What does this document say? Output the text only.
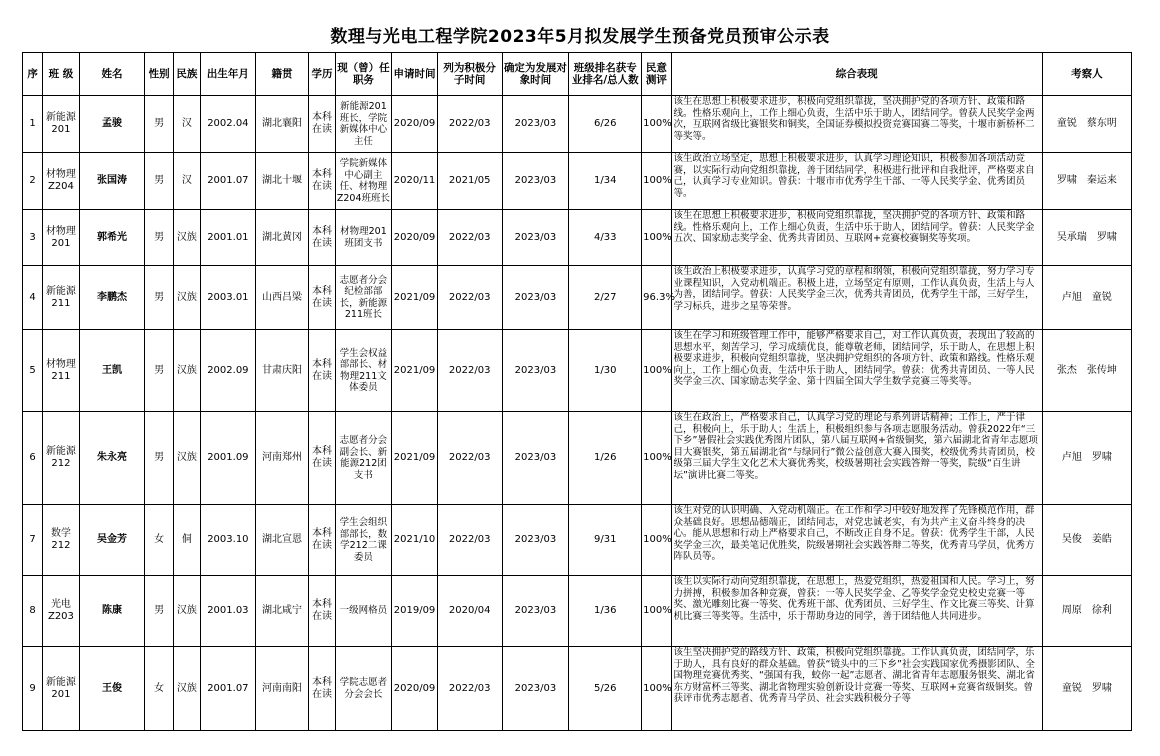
数理与光电工程学院2023年5月拟发展学生预备党员预审公示表
序	班 级	姓名	性别	民族	出生年月	籍贯	学历	现（曾）任职务	申请时间	列为积极分子时间	确定为发展对象时间	班级排名获专业排名/总人数	民意测评	综合表现	考察人
1	新能源201	孟骏	男	汉	2002.04	湖北襄阳	本科在读	新能源201班长，学院新媒体中心主任	2020/09	2022/03	2023/03	6/26	100%	该生在思想上积极要求进步，积极向党组织靠拢，坚决拥护党的各项方针、政策和路线。性格乐观向上，工作上细心负责，生活中乐于助人，团结同学。曾获人民奖学金两次，互联网省级比赛银奖和铜奖，全国证券模拟投资竞赛国赛二等奖，十堰市新桥杯二等奖等。	童锐　蔡东明
2	材物理Z204	张国涛	男	汉	2001.07	湖北十堰	本科在读	学院新媒体中心副主任、材物理Z204班班长	2020/11	2021/05	2023/03	1/34	100%	该生政治立场坚定，思想上积极要求进步，认真学习理论知识，积极参加各项活动竞赛，以实际行动向党组织靠拢，善于团结同学，积极进行批评和自我批评，严格要求自己，认真学习专业知识。曾获：十堰市市优秀学生干部、一等人民奖学金、优秀团员等。	罗啸　秦运来
3	材物理201	郭希光	男	汉族	2001.01	湖北黄冈	本科在读	材物理201班团支书	2020/09	2022/03	2023/03	4/33	100%	该生在思想上积极要求进步，积极向党组织靠拢，坚决拥护党的各项方针、政策和路线。性格乐观向上，工作上细心负责，生活中乐于助人，团结同学。曾获：人民奖学金五次、国家励志奖学金、优秀共青团员、互联网+竞赛校赛铜奖等奖项。	吴承瑞　罗啸
4	新能源211	李鹏杰	男	汉族	2003.01	山西吕梁	本科在读	志愿者分会纪检部部长，新能源211班长	2021/09	2022/03	2023/03	2/27	96.3%	该生政治上积极要求进步，认真学习党的章程和纲领，积极向党组织靠拢，努力学习专业课程知识，入党动机端正。积极上进，立场坚定有原则，工作认真负责，生活上与人为善，团结同学。曾获：人民奖学金三次，优秀共青团员，优秀学生干部，三好学生，学习标兵，进步之星等荣誉。	卢旭　童锐
5	材物理211	王凯	男	汉族	2002.09	甘肃庆阳	本科在读	学生会权益部部长、材物理211文体委员	2021/09	2022/03	2023/03	1/30	100%	该生在学习和班级管理工作中，能够严格要求自己，对工作认真负责，表现出了较高的思想水平，刻苦学习，学习成绩优良，能尊敬老师，团结同学，乐于助人，在思想上积极要求进步，积极向党组织靠拢，坚决拥护党组织的各项方针、政策和路线。性格乐观向上，工作上细心负责，生活中乐于助人，团结同学。曾获：优秀共青团员、一等人民奖学金三次、国家励志奖学金、第十四届全国大学生数学竞赛三等奖等。	张杰　张传坤
6	新能源212	朱永亮	男	汉族	2001.09	河南郑州	本科在读	志愿者分会副会长、新能源212团支书	2021/09	2022/03	2023/03	1/26	100%	该生在政治上，严格要求自己，认真学习党的理论与系列讲话精神；工作上，严于律己，积极向上，乐于助人；生活上，积极组织参与各项志愿服务活动。曾获2022年“三下乡”暑假社会实践优秀图片团队，第八届互联网+省级铜奖，第六届湖北省青年志愿项目大赛银奖，第五届湖北省“与绿同行”微公益创意大赛入围奖，校级优秀共青团员，校级第三届大学生文化艺术大赛优秀奖，校级暑期社会实践答辩一等奖，院级“百生讲坛”演讲比赛二等奖。	卢旭　罗啸
7	数学212	吴金芳	女	侗	2003.10	湖北宣恩	本科在读	学生会组织部部长，数学212二课委员	2021/10	2022/03	2023/03	9/31	100%	该生对党的认识明确、入党动机端正。在工作和学习中较好地发挥了先锋模范作用，群众基础良好。思想品德端正，团结同志，对党忠诚老实，有为共产主义奋斗终身的决心。能从思想和行动上严格要求自己，不断改正自身不足。曾获：优秀学生干部，人民奖学金三次，最美笔记优胜奖，院级暑期社会实践答辩二等奖，优秀青马学员，优秀方阵队员等。	吴俊　姜皓
8	光电Z203	陈康	男	汉族	2001.03	湖北咸宁	本科在读	一级网格员	2019/09	2020/04	2023/03	1/36	100%	该生以实际行动向党组织靠拢，在思想上，热爱党组织，热爱祖国和人民。学习上，努力拼搏，积极参加各种竞赛，曾获：一等人民奖学金、乙等奖学金党史校史竞赛一等奖、激光雕刻比赛一等奖、优秀班干部、优秀团员、三好学生、作文比赛三等奖、计算机比赛三等奖等。生活中，乐于帮助身边的同学，善于团结他人共同进步。	周原　徐利
9	新能源201	王俊	女	汉族	2001.07	河南南阳	本科在读	学院志愿者分会会长	2020/09	2022/03	2023/03	5/26	100%	该生坚决拥护党的路线方针、政策，积极向党组织靠拢。工作认真负责，团结同学，乐于助人，具有良好的群众基础。曾获“镜头中的三下乡”社会实践国家优秀摄影团队、全国物理竞赛优秀奖、“强国有我，蛟你一起”志愿者、湖北省青年志愿服务银奖、湖北省东方财富杯三等奖、湖北省物理实验创新设计竞赛一等奖、互联网+竞赛省级铜奖。曾获评市优秀志愿者、优秀青马学员、社会实践积极分子等	童锐　罗啸
